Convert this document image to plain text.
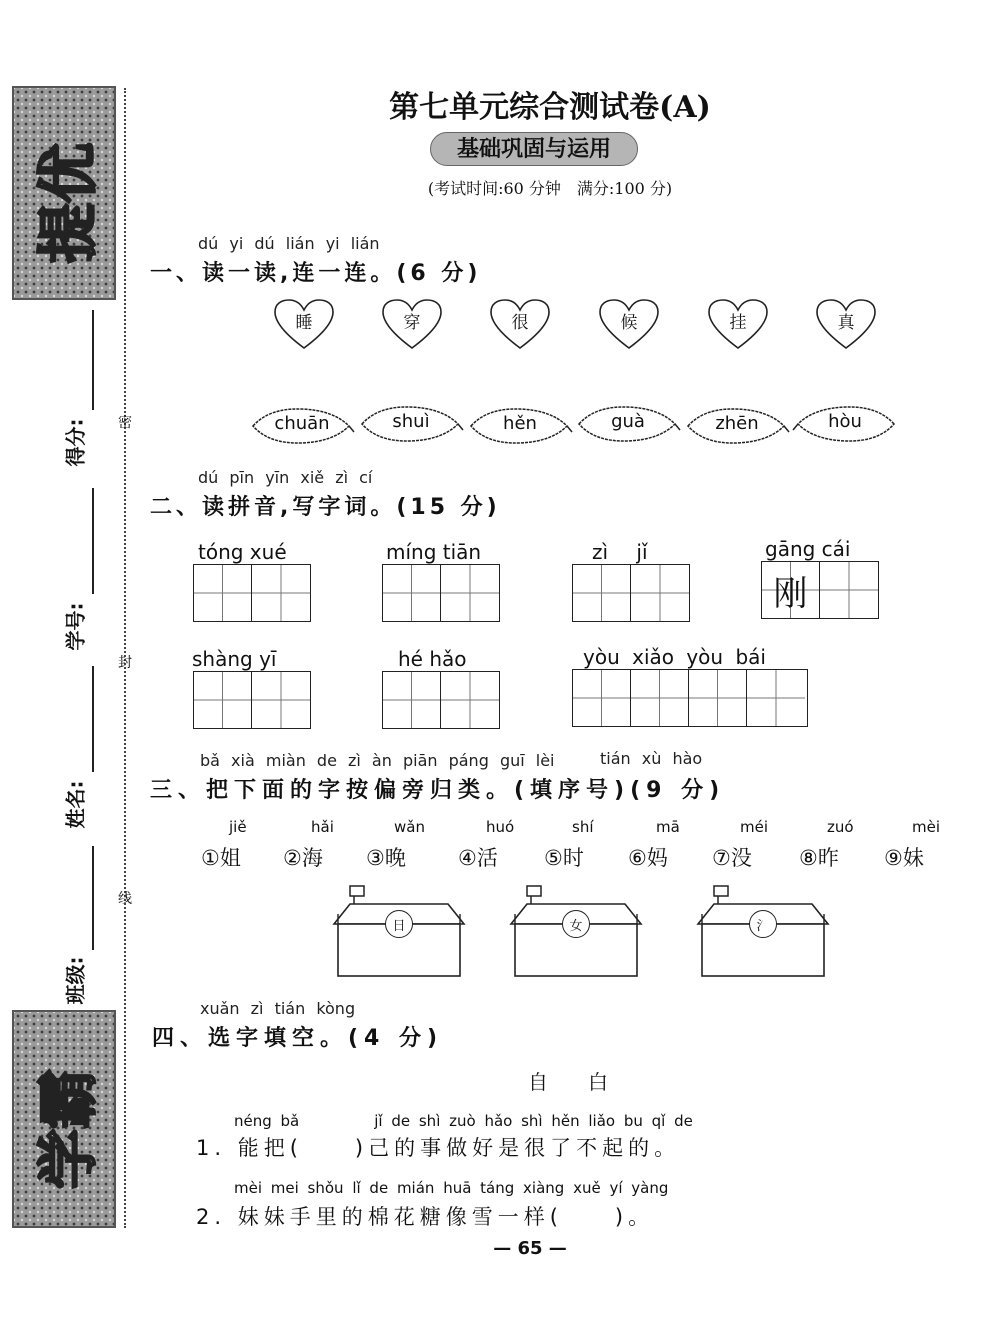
提优
学霸
密
封
线
得分:
学号:
姓名:
班级:
第七单元综合测试卷(A)
基础巩固与运用
(考试时间:60 分钟　满分:100 分)
dú yi dú lián yi lián
一、读一读,连一连。(6 分)
睡	穿	很	候	挂	真
chuān	shuì	hěn	guà	zhēn	hòu
dú pīn yīn xiě zì cí
二、读拼音,写字词。(15 分)
tóng xué	míng tiān	zì jǐ	gāng cái
刚
shàng yī	hé hǎo	yòu xiǎo yòu bái
bǎ xià miàn de zì àn piān páng guī lèi	tián xù hào
三、把下面的字按偏旁归类。(填序号)(9 分)
jiě
①姐
hǎi
②海
wǎn
③晚
huó
④活
shí
⑤时
mā
⑥妈
méi
⑦没
zuó
⑧昨
mèi
⑨妹
日	女	氵
xuǎn zì tián kòng
四、选字填空。(4 分)
自　　白
néng bǎ　　　　　jǐ de shì zuò hǎo shì hěn liǎo bu qǐ de
1. 能把(　　)己的事做好是很了不起的。
mèi mei shǒu lǐ de mián huā táng xiàng xuě yí yàng
2. 妹妹手里的棉花糖像雪一样(　　)。
— 65 —
